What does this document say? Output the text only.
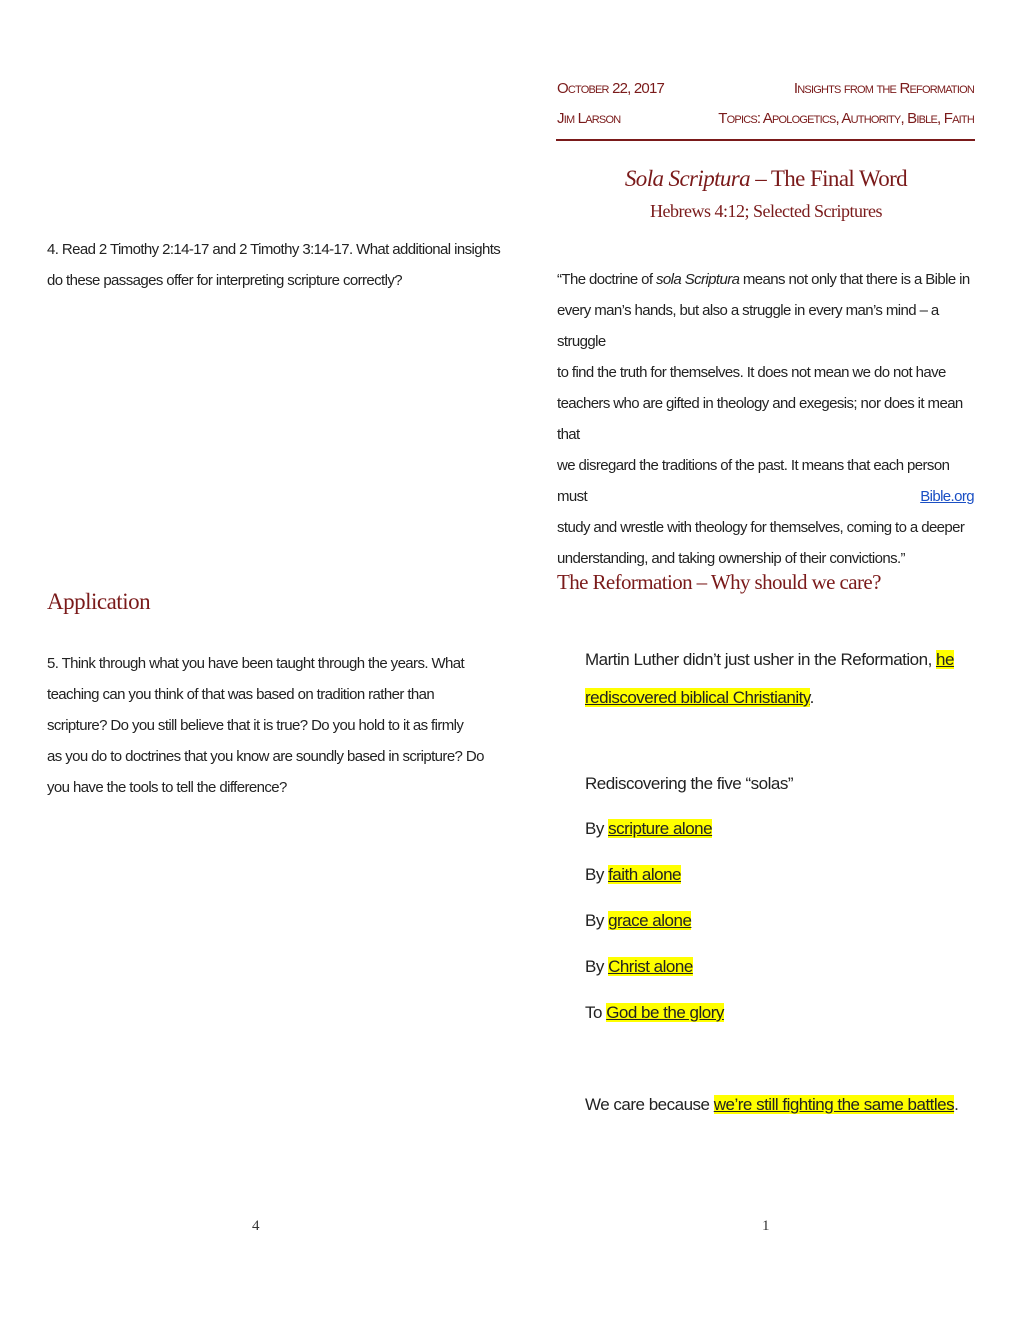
October 22, 2017	Insights from the Reformation
Jim Larson	Topics: Apologetics, Authority, Bible, Faith
Sola Scriptura – The Final Word
Hebrews 4:12; Selected Scriptures
4. Read 2 Timothy 2:14-17 and 2 Timothy 3:14-17. What additional insights
do these passages offer for interpreting scripture correctly?
Application
5. Think through what you have been taught through the years. What
teaching can you think of that was based on tradition rather than
scripture? Do you still believe that it is true? Do you hold to it as firmly
as you do to doctrines that you know are soundly based in scripture? Do
you have the tools to tell the difference?
4
“The doctrine of sola Scriptura means not only that there is a Bible in
every man’s hands, but also a struggle in every man’s mind – a struggle
to find the truth for themselves. It does not mean we do not have
teachers who are gifted in theology and exegesis; nor does it mean that
we disregard the traditions of the past. It means that each person must
study and wrestle with theology for themselves, coming to a deeper
understanding, and taking ownership of their convictions.”
Bible.org
The Reformation – Why should we care?
Martin Luther didn’t just usher in the Reformation, he
rediscovered biblical Christianity.
Rediscovering the five “solas”
By scripture alone
By faith alone
By grace alone
By Christ alone
To God be the glory
We care because we’re still fighting the same battles.
1
